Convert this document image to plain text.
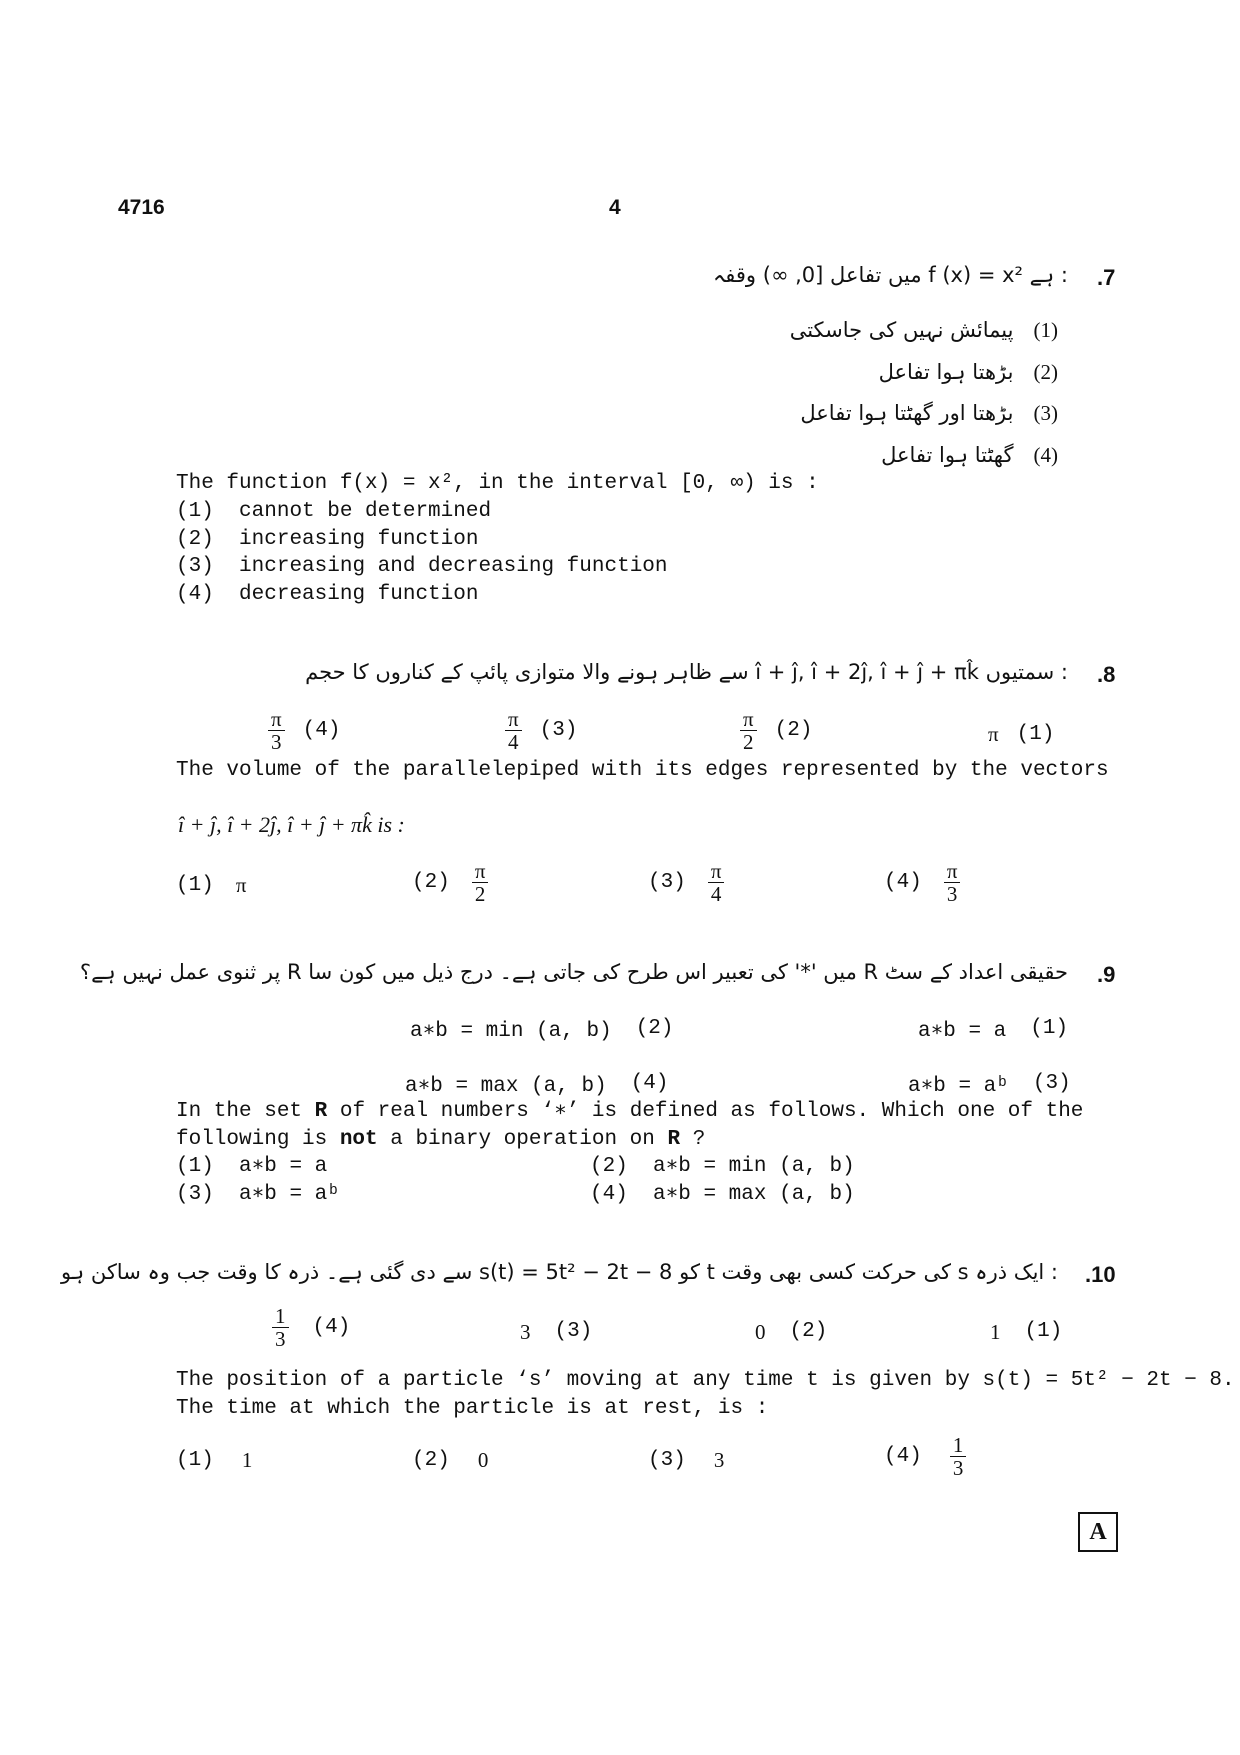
4716	4
.7
: ہے f (x) = x² میں تفاعل [0, ∞) وقفہ
(1)   پیمائش نہیں کی جاسکتی
(2)   بڑھتا ہوا تفاعل
(3)   بڑھتا اور گھٹتا ہوا تفاعل
(4)   گھٹتا ہوا تفاعل
The function f(x) = x², in the interval [0, ∞) is :
(1) cannot be determined
(2) increasing function
(3) increasing and decreasing function
(4) decreasing function
.8
: سمتیوں î + ĵ, î + 2ĵ, î + ĵ + πk̂ سے ظاہر ہونے والا متوازی پائپ کے کناروں کا حجم
π (1)
$\frac{\pi}{2} (2)$
$\frac{\pi}{4} (3)$
$\frac{\pi}{3} (4)$
The volume of the parallelepiped with its edges represented by the vectors
î + ĵ, î + 2ĵ, î + ĵ + πk̂ is :
(1) π	$(2) \frac{\pi}{2}$	$(3) \frac{\pi}{4}$	$(4) \frac{\pi}{3}$
.9
حقیقی اعداد کے سٹ R میں '*' کی تعبیر اس طرح کی جاتی ہے۔ درج ذیل میں کون سا R پر ثنوی عمل نہیں ہے؟
a∗b = a (1)
a∗b = min (a, b) (2)
a∗b = aᵇ (3)
a∗b = max (a, b) (4)
In the set R of real numbers ‘∗’ is defined as follows. Which one of the
following is not a binary operation on R ?
(1) a∗b = a	(2) a∗b = min (a, b)
(3) a∗b = aᵇ	(4) a∗b = max (a, b)
.10
: ایک ذرہ s کی حرکت کسی بھی وقت t کو s(t) = 5t² − 2t − 8 سے دی گئی ہے۔ ذرہ کا وقت جب وہ ساکن ہو
1 (1)
0 (2)
3 (3)
$\frac{1}{3} (4)$
The position of a particle ‘s’ moving at any time t is given by s(t) = 5t² − 2t − 8.
The time at which the particle is at rest, is :
(1) 1	(2) 0	(3) 3	$(4) \frac{1}{3}$
A
